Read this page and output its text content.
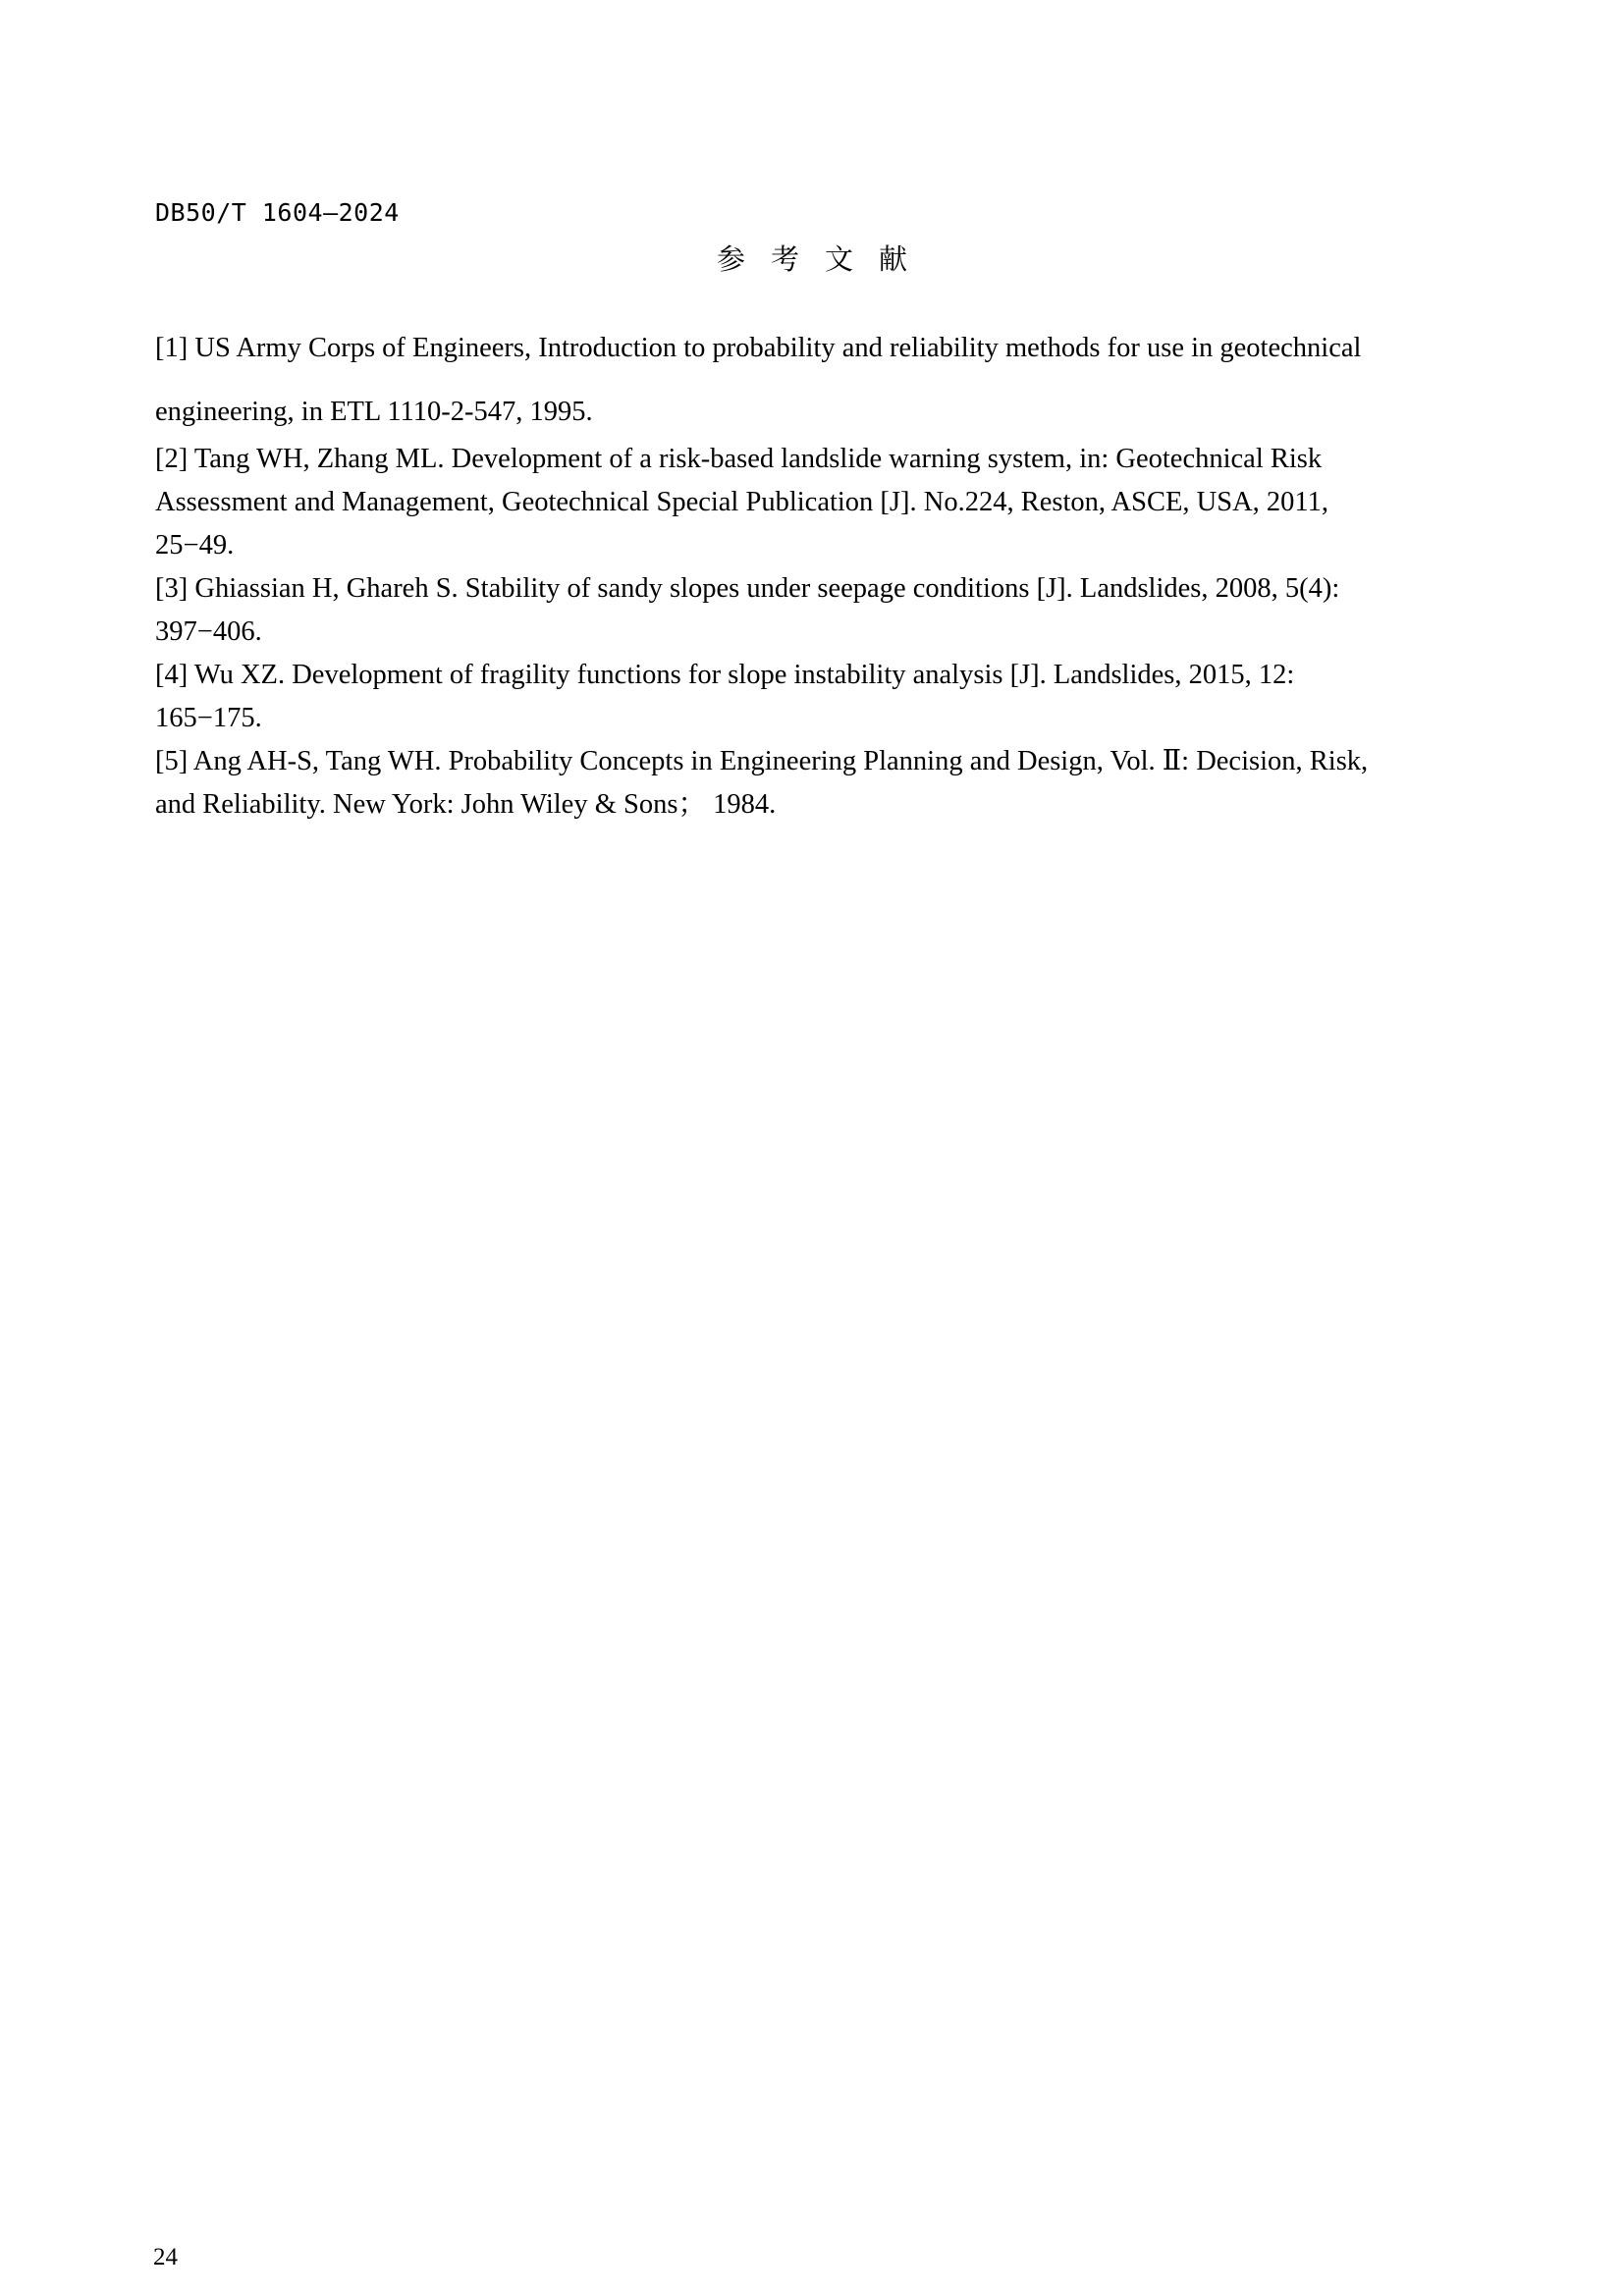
DB50/T 1604—2024
参考文献
[1] US Army Corps of Engineers, Introduction to probability and reliability methods for use in geotechnical
engineering, in ETL 1110-2-547, 1995.
[2] Tang WH, Zhang ML. Development of a risk-based landslide warning system, in: Geotechnical Risk
Assessment and Management, Geotechnical Special Publication [J]. No.224, Reston, ASCE, USA, 2011,
25−49.
[3] Ghiassian H, Ghareh S. Stability of sandy slopes under seepage conditions [J]. Landslides, 2008, 5(4):
397−406.
[4] Wu XZ. Development of fragility functions for slope instability analysis [J]. Landslides, 2015, 12:
165−175.
[5] Ang AH-S, Tang WH. Probability Concepts in Engineering Planning and Design, Vol. Ⅱ: Decision, Risk,
and Reliability. New York: John Wiley & Sons； 1984.
24
